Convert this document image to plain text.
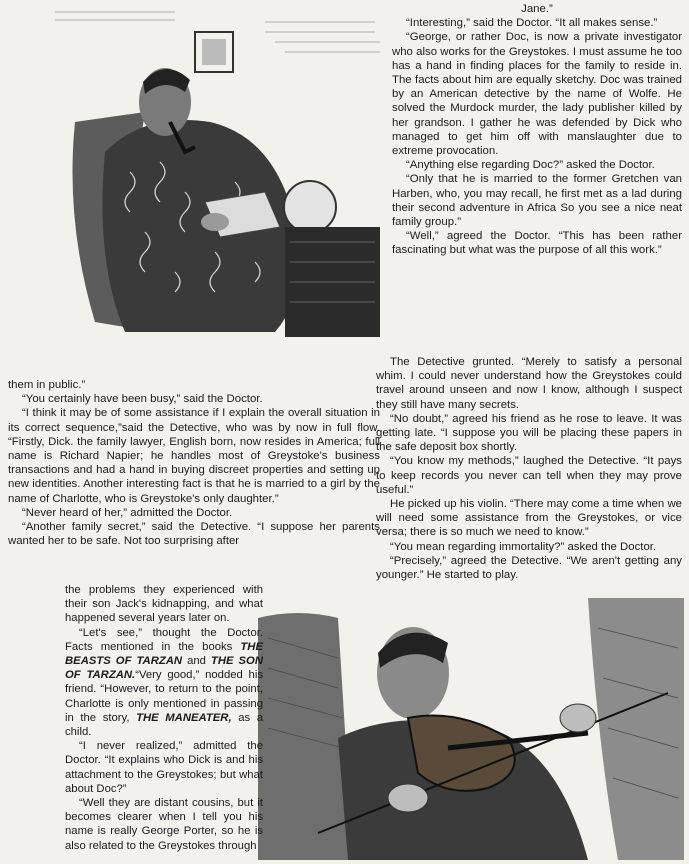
Jane.”

“Interesting,” said the Doctor. “It all makes sense.”

“George, or rather Doc, is now a private investigator who also works for the Greystokes. I must assume he too has a hand in finding places for the family to reside in. The facts about him are equally sketchy. Doc was trained by an American detective by the name of Wolfe. He solved the Murdock murder, the lady publisher killed by her grandson. I gather he was defended by Dick who managed to get him off with manslaughter due to extreme provocation.

“Anything else regarding Doc?” asked the Doctor.

“Only that he is married to the former Gretchen van Harben, who, you may recall, he first met as a lad during their second adventure in Africa So you see a nice neat family group.”

“Well,” agreed the Doctor. “This has been rather fascinating but what was the purpose of all this work.”

The Detective grunted. “Merely to satisfy a personal whim. I could never understand how the Greystokes could travel around unseen and now I know, although I suspect they still have many secrets.

“No doubt,” agreed his friend as he rose to leave. It was getting late. “I suppose you will be placing these papers in the safe deposit box shortly.

“You know my methods,” laughed the Detective. “It pays to keep records you never can tell when they may prove useful.”

He picked up his violin. “There may come a time when we will need some assistance from the Greystokes, or vice versa; there is so much we need to know.”

“You mean regarding immortality?” asked the Doctor.

“Precisely,” agreed the Detective. “We aren't getting any younger.” He started to play.

them in public.”

“You certainly have been busy,” said the Doctor.

“I think it may be of some assistance if I explain the overall situation in its correct sequence,”said the Detective, who was by now in full flow. “Firstly, Dick. the family lawyer, English born, now resides in America; full name is Richard Napier; he handles most of Greystoke's business transactions and had a hand in buying discreet properties and setting up new identities. Another interesting fact is that he is married to a girl by the name of Charlotte, who is Greystoke's only daughter.”

“Never heard of her,” admitted the Doctor.

“Another family secret,” said the Detective. “I suppose her parents wanted her to be safe. Not too surprising after

the problems they experienced with their son Jack's kidnapping, and what happened several years later on.

“Let's see,” thought the Doctor. Facts mentioned in the books THE BEASTS OF TARZAN and THE SON OF TARZAN.“Very good,” nodded his friend. “However, to return to the point, Charlotte is only mentioned in passing in the story, THE MANEATER, as a child.

“I never realized,” admitted the Doctor. “It explains who Dick is and his attachment to the Greystokes; but what about Doc?”

“Well they are distant cousins, but it becomes clearer when I tell you his name is really George Porter, so he is also related to the Greystokes through
